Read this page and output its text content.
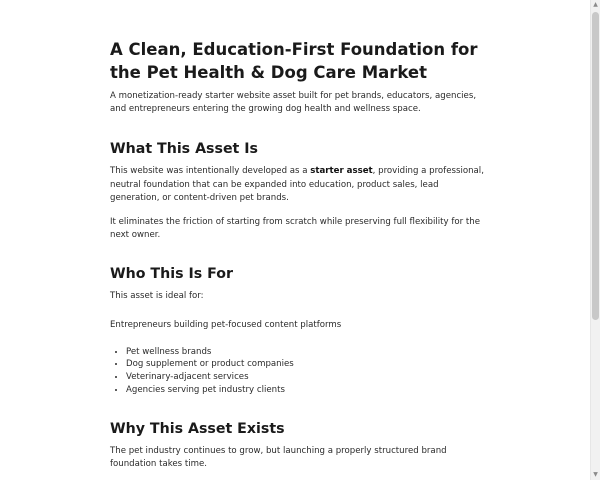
A Clean, Education-First Foundation for the Pet Health & Dog Care Market

A monetization-ready starter website asset built for pet brands, educators, agencies, and entrepreneurs entering the growing dog health and wellness space.

What This Asset Is

This website was intentionally developed as a starter asset, providing a professional, neutral foundation that can be expanded into education, product sales, lead generation, or content-driven pet brands.

It eliminates the friction of starting from scratch while preserving full flexibility for the next owner.

Who This Is For

This asset is ideal for:

Entrepreneurs building pet-focused content platforms

• Pet wellness brands
• Dog supplement or product companies
• Veterinary-adjacent services
• Agencies serving pet industry clients
Why This Asset Exists

The pet industry continues to grow, but launching a properly structured brand foundation takes time.

▲
▼
